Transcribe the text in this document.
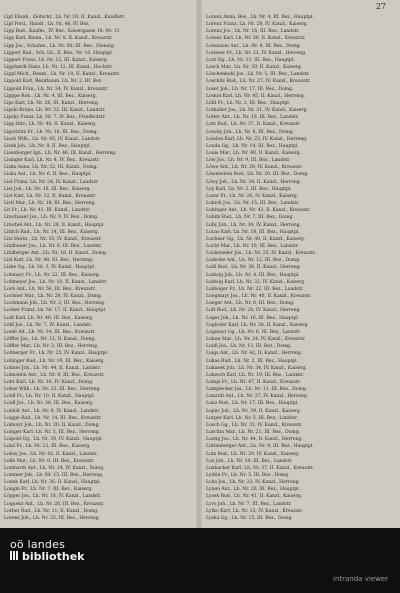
27
Lipf Elisab., Zeitschr., Lh. Nr. 18, II. Kanzl., Kandlstr.
Lipf Ferd., Handl., Lh. Nr. 48, IV. Bez.
Lipp Rud., Kaufm., IV. Bez., Kaisergasse 18. Nr. 11
Lipp Karl, Baum., Lh. Nr. 8, II. Kanzl., Kreuzstr.
Lipp Jos., Schuhm., Lh. Nr. 80, III. Bez., Dienstg.
Lippert Rud., Sch. Lh., II. Bez., Nr. 10, Hauptpl.
Lippert Franz, Lh. Nr. 12, III. Kanzl., Kaiserg.
Lipphardt Hans, Lh. Nr. 12, III. Kanzl., Hochstr.
Lippl Mich., Baum., Lh. Nr. 18, II. Kanzl., Kreuzstr.
Lippold Karl, Bezirksam. Lh. Nr. 2, III. Bez.
Lippold Fran., Lh. Nr. 34, IV. Kanzl., Kreuzstr.
Lipppe Rob., Lh. Nr. 4, III. Bez., Kaiserg.
Lips Karl, Lh. Nr. 26, III. Kanzl., Herreng.
Lipski Bruno, Lh. Nr. 52, III. Kanzl., Landstr.
Lipsky Franz, Lh. Nr. 7, IV. Bez., Friedhofstr.
Lipp Otto, Lh. Nr. 40, II. Kanzl., Kaiserg.
Lipschütz Fr., Lh. Nr. 16, III. Bez., Domg.
Lisch Wilh., Lh. Nr. 60, IV. Kanzl., Landstr.
Lisek Joh., Lh. Nr. 8, II. Bez., Hauptpl.
Lisenberger Ign., Lh. Nr. 46, III. Kanzl., Herreng.
Lisinger Karl, Lh. Nr. 4, IV. Bez., Kreuzstr.
Liska Anna, Lh. Nr. 32, III. Kanzl., Domg.
Liska Ant., Lh. Nr. 6, II. Bez., Hauptpl.
List Franz, Lh. Nr. 24, IV. Kanzl., Landstr.
List Joh., Lh. Nr. 16, III. Bez., Kaiserg.
List Karl, Lh. Nr. 12, II. Kanzl., Kreuzstr.
Listl Mar., Lh. Nr. 18, III. Bez., Herreng.
Lit Fr., Lh. Nr. 41, III. Kanzl., Landstr.
Litschauer Jos., Lh. Nr. 9, IV. Bez., Domg.
Litschel Ant., Lh. Nr. 28, II. Kanzl., Hauptpl.
Littich Rud., Lh. Nr. 14, III. Bez., Kaiserg.
Litz Herm., Lh. Nr. 35, IV. Kanzl., Kreuzstr.
Litzlbauer Jos., Lh. Nr. 6, III. Bez., Landstr.
Litzlberger Ant., Lh. Nr. 18, II. Kanzl., Domg.
Lixl Karl, Lh. Nr. 48, III. Bez., Herreng.
Lizke Gg., Lh. Nr. 3, IV. Kanzl., Hauptpl.
Lobmayr Fr., Lh. Nr. 22, III. Bez., Kaiserg.
Lobmeyer Jos., Lh. Nr. 10, II. Kanzl., Landstr.
Loch Ant., Lh. Nr. 56, III. Bez., Kreuzstr.
Lochner Mar., Lh. Nr. 28, IV. Kanzl., Domg.
Lochmann Joh., Lh. Nr. 2, III. Bez., Herreng.
Locker Franz, Lh. Nr. 17, II. Kanzl., Hauptpl.
Lodl Karl, Lh. Nr. 40, III. Bez., Kaiserg.
Lödl Jos., Lh. Nr. 7, IV. Kanzl., Landstr.
Loebl Ad., Lh. Nr. 34, III. Bez., Kreuzstr.
Löffler Jos., Lh. Nr. 12, II. Kanzl., Domg.
Löffler Mar., Lh. Nr. 3, III. Bez., Herreng.
Lohberger Fr., Lh. Nr. 25, IV. Kanzl., Hauptpl.
Lohinger Rud., Lh. Nr. 19, III. Bez., Kaiserg.
Lohner Joh., Lh. Nr. 44, II. Kanzl., Landstr.
Lohnstein Ant., Lh. Nr. 8, III. Bez., Kreuzstr.
Lohr Karl, Lh. Nr. 16, IV. Kanzl., Domg.
Lohse Wilh., Lh. Nr. 22, III. Bez., Herreng.
Loidl Fr., Lh. Nr. 10, II. Kanzl., Hauptpl.
Loidl Jos., Lh. Nr. 38, III. Bez., Kaiserg.
Loidolt Ant., Lh. Nr. 6, IV. Kanzl., Landstr.
Loigge Rud., Lh. Nr. 14, III. Bez., Kreuzstr.
Loimayr Joh., Lh. Nr. 20, II. Kanzl., Domg.
Loinger Karl, Lh. Nr. 5, III. Bez., Herreng.
Loipold Gg., Lh. Nr. 30, IV. Kanzl., Hauptpl.
Loizl Fr., Lh. Nr. 12, III. Bez., Kaiserg.
Lokay Jos., Lh. Nr. 42, II. Kanzl., Landstr.
Lolle Mar., Lh. Nr. 9, III. Bez., Kreuzstr.
Lombardi Ant., Lh. Nr. 24, IV. Kanzl., Domg.
Lommer Joh., Lh. Nr. 15, III. Bez., Herreng.
Lonek Karl, Lh. Nr. 36, II. Kanzl., Hauptpl.
Longin Fr., Lh. Nr. 7, III. Bez., Kaiserg.
Löpper Jos., Lh. Nr. 18, IV. Kanzl., Landstr.
Loquenz Ant., Lh. Nr. 26, III. Bez., Kreuzstr.
Lorber Rud., Lh. Nr. 11, II. Kanzl., Domg.
Lorenz Joh., Lh. Nr. 33, III. Bez., Herreng.
Lorenz Anna, Bes., Lh. Nr. 4, III. Bez., Hauptpl.
Lorenz Franz, Lh. Nr. 28, IV. Kanzl., Kaiserg.
Lorenz Jos., Lh. Nr. 16, III. Bez., Landstr.
Lorenz Karl, Lh. Nr. 50, II. Kanzl., Kreuzstr.
Lorenzoni Ant., Lh. Nr. 8, III. Bez., Domg.
Lorinser Fr., Lh. Nr. 21, IV. Kanzl., Herreng.
Lorz Gg., Lh. Nr. 13, III. Bez., Hauptpl.
Losch Mar., Lh. Nr. 39, II. Kanzl., Kaiserg.
Löschenkohl Jos., Lh. Nr. 5, III. Bez., Landstr.
Loschitz Rud., Lh. Nr. 27, IV. Kanzl., Kreuzstr.
Loser Joh., Lh. Nr. 17, III. Bez., Domg.
Loskot Karl, Lh. Nr. 45, II. Kanzl., Herreng.
Lößl Fr., Lh. Nr. 2, III. Bez., Hauptpl.
Lothaller Jos., Lh. Nr. 31, IV. Kanzl., Kaiserg.
Lotter Ant., Lh. Nr. 19, III. Bez., Landstr.
Lotz Rud., Lh. Nr. 37, II. Kanzl., Kreuzstr.
Loucky Joh., Lh. Nr. 6, III. Bez., Domg.
Loudon Karl, Lh. Nr. 23, IV. Kanzl., Herreng.
Louda Gg., Lh. Nr. 14, III. Bez., Hauptpl.
Louis Mar., Lh. Nr. 48, II. Kanzl., Kaiserg.
Löw Jos., Lh. Nr. 9, III. Bez., Landstr.
Löwe Ant., Lh. Nr. 29, IV. Kanzl., Kreuzstr.
Löwenstein Rud., Lh. Nr. 20, III. Bez., Domg.
Löwy Joh., Lh. Nr. 34, II. Kanzl., Herreng.
Loy Karl, Lh. Nr. 3, III. Bez., Hauptpl.
Lozar Fr., Lh. Nr. 26, IV. Kanzl., Kaiserg.
Lubich Jos., Lh. Nr. 15, III. Bez., Landstr.
Lubinger Ant., Lh. Nr. 43, II. Kanzl., Kreuzstr.
Lubitz Rud., Lh. Nr. 7, III. Bez., Domg.
Luby Joh., Lh. Nr. 30, IV. Kanzl., Herreng.
Lucas Karl, Lh. Nr. 18, III. Bez., Hauptpl.
Luchner Gg., Lh. Nr. 40, II. Kanzl., Kaiserg.
Lucht Mar., Lh. Nr. 10, III. Bez., Landstr.
Luckeneder Jos., Lh. Nr. 25, IV. Kanzl., Kreuzstr.
Lüdecke Ant., Lh. Nr. 12, III. Bez., Domg.
Ludl Rud., Lh. Nr. 36, II. Kanzl., Herreng.
Ludwig Joh., Lh. Nr. 4, III. Bez., Hauptpl.
Ludwig Karl, Lh. Nr. 32, IV. Kanzl., Kaiserg.
Ludwiger Fr., Lh. Nr. 22, III. Bez., Landstr.
Luegmayr Jos., Lh. Nr. 46, II. Kanzl., Kreuzstr.
Lueger Ant., Lh. Nr. 8, III. Bez., Domg.
Luft Rud., Lh. Nr. 28, IV. Kanzl., Herreng.
Luger Joh., Lh. Nr. 16, III. Bez., Hauptpl.
Lughofer Karl, Lh. Nr. 38, II. Kanzl., Kaiserg.
Lugmayr Gg., Lh. Nr. 6, III. Bez., Landstr.
Luhan Mar., Lh. Nr. 24, IV. Kanzl., Kreuzstr.
Luidl Jos., Lh. Nr. 13, III. Bez., Domg.
Luigs Ant., Lh. Nr. 42, II. Kanzl., Herreng.
Lukas Rud., Lh. Nr. 2, III. Bez., Hauptpl.
Lukasek Joh., Lh. Nr. 34, IV. Kanzl., Kaiserg.
Lukesch Karl, Lh. Nr. 19, III. Bez., Landstr.
Lumpi Fr., Lh. Nr. 47, II. Kanzl., Kreuzstr.
Lumplecker Jos., Lh. Nr. 11, III. Bez., Domg.
Lunardi Ant., Lh. Nr. 27, IV. Kanzl., Herreng.
Lunz Rud., Lh. Nr. 17, III. Bez., Hauptpl.
Lupac Joh., Lh. Nr. 39, II. Kanzl., Kaiserg.
Lurger Karl, Lh. Nr. 5, III. Bez., Landstr.
Lusch Gg., Lh. Nr. 31, IV. Kanzl., Kreuzstr.
Luschin Mar., Lh. Nr. 21, III. Bez., Domg.
Lustig Jos., Lh. Nr. 44, II. Kanzl., Herreng.
Luttenberger Ant., Lh. Nr. 9, III. Bez., Hauptpl.
Lutz Rud., Lh. Nr. 29, IV. Kanzl., Kaiserg.
Lux Joh., Lh. Nr. 14, III. Bez., Landstr.
Luxbacher Karl, Lh. Nr. 37, II. Kanzl., Kreuzstr.
Lydtin Fr., Lh. Nr. 3, III. Bez., Domg.
Lyka Jos., Lh. Nr. 23, IV. Kanzl., Herreng.
Lynen Ant., Lh. Nr. 20, III. Bez., Hauptpl.
Lysek Rud., Lh. Nr. 41, II. Kanzl., Kaiserg.
Lyro Joh., Lh. Nr. 7, III. Bez., Landstr.
Lytko Karl, Lh. Nr. 33, IV. Kanzl., Kreuzstr.
Lyzka Gg., Lh. Nr. 15, III. Bez., Domg.
oö landes
bibliothek
intranda viewer
